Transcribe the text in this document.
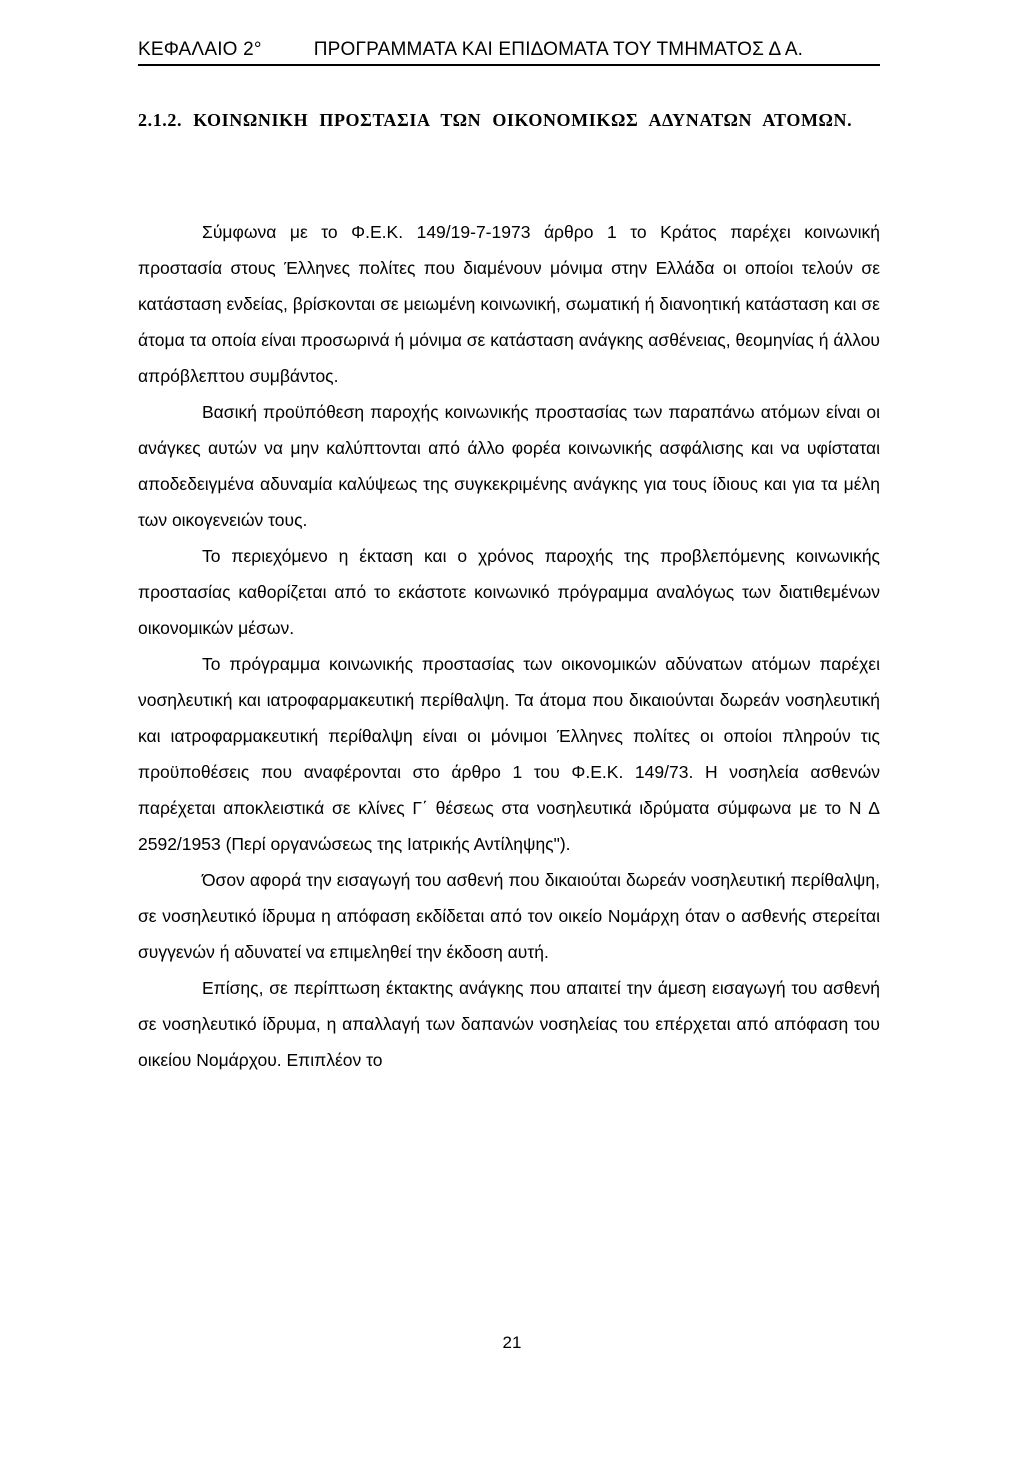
ΚΕΦΑΛΑΙΟ 2°	ΠΡΟΓΡΑΜΜΑΤΑ ΚΑΙ ΕΠΙΔΟΜΑΤΑ ΤΟΥ ΤΜΗΜΑΤΟΣ Δ Α.
2.1.2. ΚΟΙΝΩΝΙΚΗ ΠΡΟΣΤΑΣΙΑ ΤΩΝ ΟΙΚΟΝΟΜΙΚΩΣ ΑΔΥΝΑΤΩΝ ΑΤΟΜΩΝ.

Σύμφωνα με το Φ.Ε.Κ. 149/19-7-1973 άρθρο 1 το Κράτος παρέχει κοινωνική προστασία στους Έλληνες πολίτες που διαμένουν μόνιμα στην Ελλάδα οι οποίοι τελούν σε κατάσταση ενδείας, βρίσκονται σε μειωμένη κοινωνική, σωματική ή διανοητική κατάσταση και σε άτομα τα οποία είναι προσωρινά ή μόνιμα σε κατάσταση ανάγκης ασθένειας, θεομηνίας ή άλλου απρόβλεπτου συμβάντος.

Βασική προϋπόθεση παροχής κοινωνικής προστασίας των παραπάνω ατόμων είναι οι ανάγκες αυτών να μην καλύπτονται από άλλο φορέα κοινωνικής ασφάλισης και να υφίσταται αποδεδειγμένα αδυναμία καλύψεως της συγκεκριμένης ανάγκης για τους ίδιους και για τα μέλη των οικογενειών τους.

Το περιεχόμενο η έκταση και ο χρόνος παροχής της προβλεπόμενης κοινωνικής προστασίας καθορίζεται από το εκάστοτε κοινωνικό πρόγραμμα αναλόγως των διατιθεμένων οικονομικών μέσων.

Το πρόγραμμα κοινωνικής προστασίας των οικονομικών αδύνατων ατόμων παρέχει νοσηλευτική και ιατροφαρμακευτική περίθαλψη. Τα άτομα που δικαιούνται δωρεάν νοσηλευτική και ιατροφαρμακευτική περίθαλψη είναι οι μόνιμοι Έλληνες πολίτες οι οποίοι πληρούν τις προϋποθέσεις που αναφέρονται στο άρθρο 1 του Φ.Ε.Κ. 149/73. Η νοσηλεία ασθενών παρέχεται αποκλειστικά σε κλίνες Γ΄ θέσεως στα νοσηλευτικά ιδρύματα σύμφωνα με το Ν Δ 2592/1953 (Περί οργανώσεως της Ιατρικής Αντίληψης").

Όσον αφορά την εισαγωγή του ασθενή που δικαιούται δωρεάν νοσηλευτική περίθαλψη, σε νοσηλευτικό ίδρυμα η απόφαση εκδίδεται από τον οικείο Νομάρχη όταν ο ασθενής στερείται συγγενών ή αδυνατεί να επιμεληθεί την έκδοση αυτή.

Επίσης, σε περίπτωση έκτακτης ανάγκης που απαιτεί την άμεση εισαγωγή του ασθενή σε νοσηλευτικό ίδρυμα, η απαλλαγή των δαπανών νοσηλείας του επέρχεται από απόφαση του οικείου Νομάρχου. Επιπλέον το

21
